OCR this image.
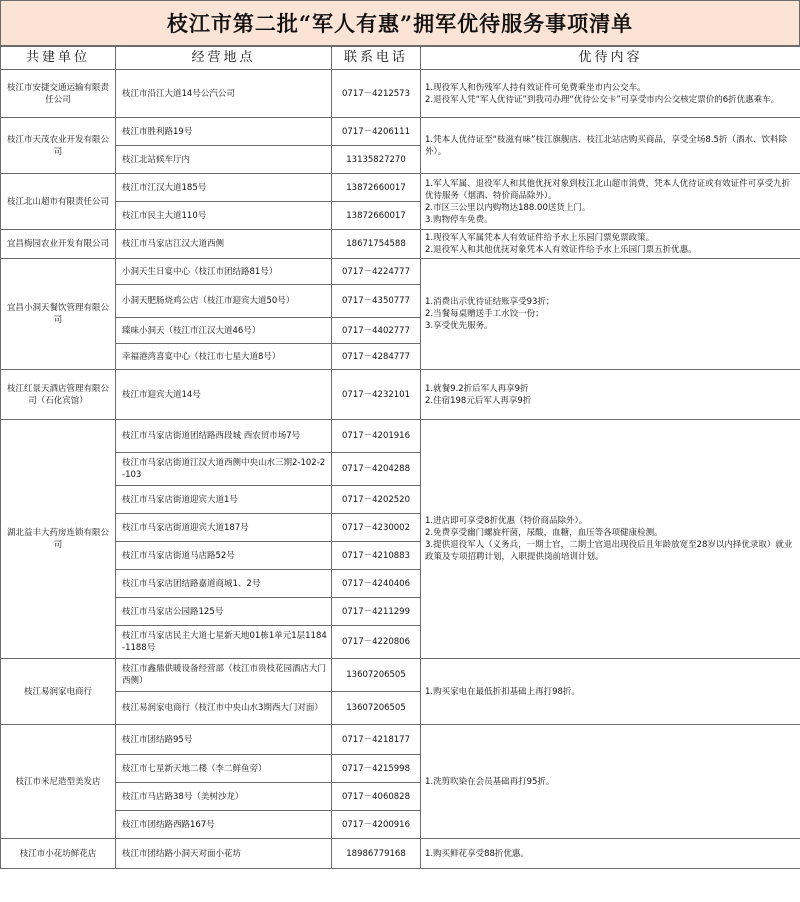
枝江市第二批“军人有惠”拥军优待服务事项清单
共建单位	经营地点	联系电话	优待内容
枝江市安捷交通运输有限责任公司	枝江市沿江大道14号公汽公司	0717－4212573	1.现役军人和伤残军人持有效证件可免费乘坐市内公交车。
2.退役军人凭“军人优待证”到我司办理“优待公交卡”可享受市内公交核定票价的6折优惠乘车。

枝江市天茂农业开发有限公司	枝江市胜利路19号	0717－4206111	1.凭本人优待证至“枝滋有味”枝江旗舰店、枝江北站店购买商品，享受全场8.5折（酒水、饮料除外）。

	枝江北站候车厅内	13135827270	
枝江北山超市有限责任公司	枝江市江汉大道185号	13872660017	1.军人军属、退役军人和其他优抚对象到枝江北山超市消费，凭本人优待证或有效证件可享受九折优待服务（烟酒、特价商品除外）。
2.市区三公里以内购物达188.00送货上门。
3.购物停车免费。

	枝江市民主大道110号	13872660017	
宜昌梅园农业开发有限公司	枝江市马家店江汉大道西侧	18671754588	1.现役军人军属凭本人有效证件给予水上乐园门票免票政策。
2.退役军人和其他优抚对象凭本人有效证件给予水上乐园门票五折优惠。

宜昌小洞天餐饮管理有限公司	小洞天生日宴中心（枝江市团结路81号）	0717－4224777	1.消费出示优待证结账享受93折；
2.当餐每桌赠送手工水饺一份；
3.享受优先服务。

	小洞天肥肠烧鸡公店（枝江市迎宾大道50号）	0717－4350777	
	臻味小洞天（枝江市江汉大道46号）	0717－4402777	
	幸福港湾喜宴中心（枝江市七星大道8号）	0717－4284777	
枝江红景天酒店管理有限公司（石化宾馆）	枝江市迎宾大道14号	0717－4232101	1.就餐9.2折后军人再享9折
2.住宿198元后军人再享9折

湖北益丰大药房连锁有限公司	枝江市马家店街道团结路西段城 西农贸市场7号	0717－4201916	1.进店即可享受8折优惠（特价商品除外）。
2.免费享受幽门螺旋杆菌，尿酸，血糖，血压等各项健康检测。
3.提供退役军人（义务兵，一期士官，二期士官退出现役后且年龄放宽至28岁以内择优录取）就业政策及专项招聘计划，入职提供岗前培训计划。

	枝江市马家店街道江汉大道西侧中央山水三期2-102-2-103	0717－4204288	
	枝江市马家店街道迎宾大道1号	0717－4202520	
	枝江市马家店街道迎宾大道187号	0717－4230002	
	枝江市马家店街道马店路52号	0717－4210883	
	枝江市马家店团结路嘉道商城1、2号	0717－4240406	
	枝江市马家店公园路125号	0717－4211299	
	枝江市马家店民主大道七星新天地01栋1单元1层1184-1188号	0717－4220806	
枝江易润家电商行	枝江市鑫鼎供暖设备经营部（枝江市贵枝花园酒店大门西侧）	13607206505	1.购买家电在最低折扣基础上再打98折。

	枝江易润家电商行（枝江市中央山水3期西大门对面）	13607206505	
枝江市米尼造型美发店	枝江市团结路95号	0717－4218177	1.洗剪吹染在会员基础再打95折。

	枝江市七星新天地二楼（李二鲜鱼旁）	0717－4215998	
	枝江市马店路38号（美树沙龙）	0717－4060828	
	枝江市团结路西路167号	0717－4200916	
枝江市小花坊鲜花店	枝江市团结路小洞天对面小花坊	18986779168	1.购买鲜花享受88折优惠。
